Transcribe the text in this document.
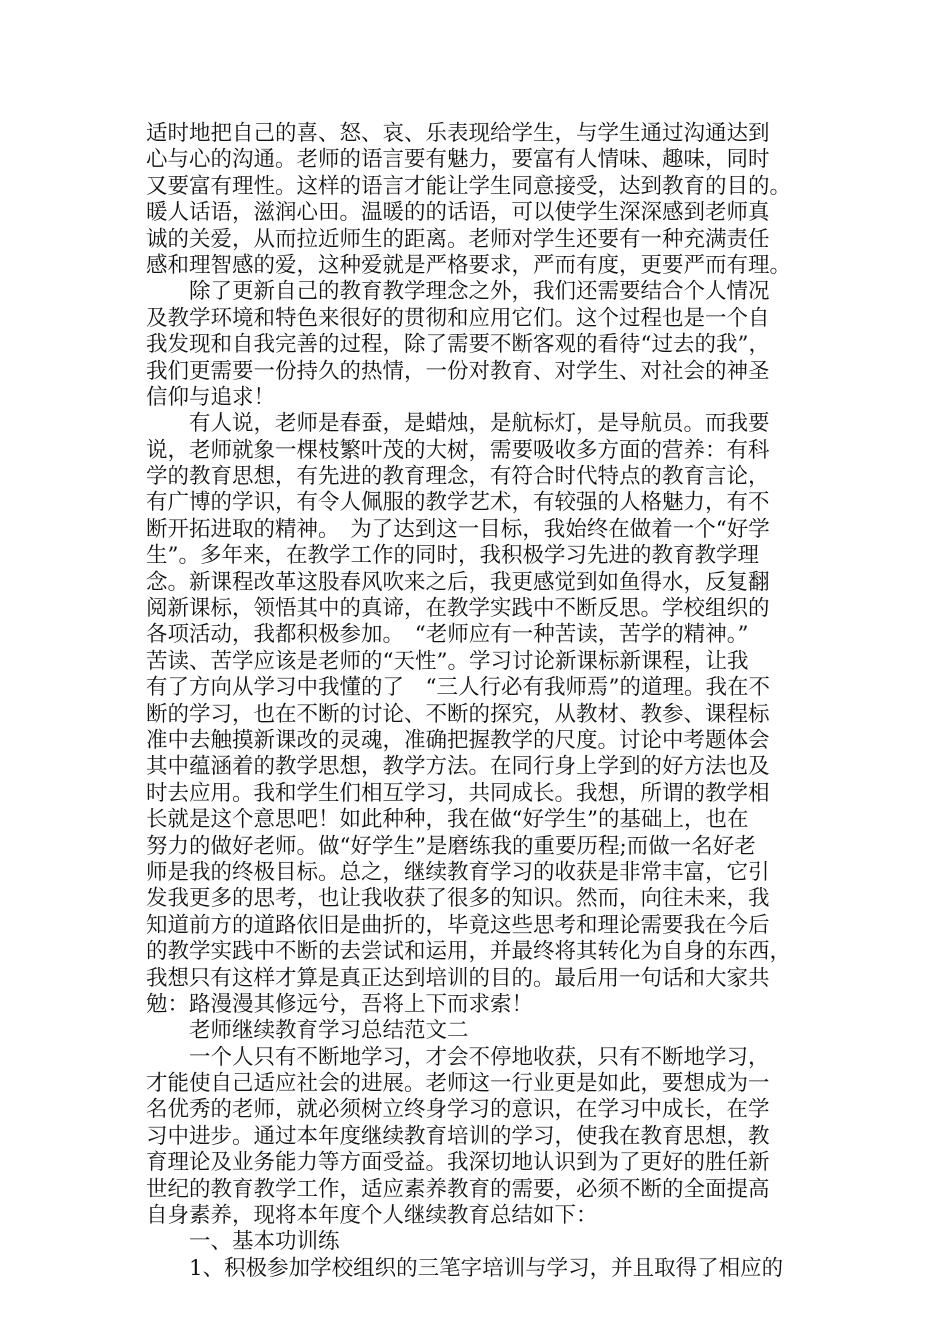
适时地把自己的喜、怒、哀、乐表现给学生，与学生通过沟通达到
心与心的沟通。老师的语言要有魅力，要富有人情味、趣味，同时
又要富有理性。这样的语言才能让学生同意接受，达到教育的目的。
暖人话语，滋润心田。温暖的的话语，可以使学生深深感到老师真
诚的关爱，从而拉近师生的距离。老师对学生还要有一种充满责任
感和理智感的爱，这种爱就是严格要求，严而有度，更要严而有理。
　　除了更新自己的教育教学理念之外，我们还需要结合个人情况
及教学环境和特色来很好的贯彻和应用它们。这个过程也是一个自
我发现和自我完善的过程，除了需要不断客观的看待“过去的我”，
我们更需要一份持久的热情，一份对教育、对学生、对社会的神圣
信仰与追求！
　　有人说，老师是春蚕，是蜡烛，是航标灯，是导航员。而我要
说，老师就象一棵枝繁叶茂的大树，需要吸收多方面的营养：有科
学的教育思想，有先进的教育理念，有符合时代特点的教育言论，
有广博的学识，有令人佩服的教学艺术，有较强的人格魅力，有不
断开拓进取的精神。　为了达到这一目标，我始终在做着一个“好学
生”。多年来，在教学工作的同时，我积极学习先进的教育教学理
念。新课程改革这股春风吹来之后，我更感觉到如鱼得水，反复翻
阅新课标，领悟其中的真谛，在教学实践中不断反思。学校组织的
各项活动，我都积极参加。　“老师应有一种苦读，苦学的精神。”
苦读、苦学应该是老师的“天性”。学习讨论新课标新课程，让我
有了方向从学习中我懂的了　“三人行必有我师焉”的道理。我在不
断的学习，也在不断的讨论、不断的探究，从教材、教参、课程标
准中去触摸新课改的灵魂，准确把握教学的尺度。讨论中考题体会
其中蕴涵着的教学思想，教学方法。在同行身上学到的好方法也及
时去应用。我和学生们相互学习，共同成长。我想，所谓的教学相
长就是这个意思吧！如此种种，我在做“好学生”的基础上，也在
努力的做好老师。做“好学生”是磨练我的重要历程;而做一名好老
师是我的终极目标。总之，继续教育学习的收获是非常丰富，它引
发我更多的思考，也让我收获了很多的知识。然而，向往未来，我
知道前方的道路依旧是曲折的，毕竟这些思考和理论需要我在今后
的教学实践中不断的去尝试和运用，并最终将其转化为自身的东西，
我想只有这样才算是真正达到培训的目的。最后用一句话和大家共
勉：路漫漫其修远兮，吾将上下而求索！
　　老师继续教育学习总结范文二
　　一个人只有不断地学习，才会不停地收获，只有不断地学习，
才能使自己适应社会的进展。老师这一行业更是如此，要想成为一
名优秀的老师，就必须树立终身学习的意识，在学习中成长，在学
习中进步。通过本年度继续教育培训的学习，使我在教育思想，教
育理论及业务能力等方面受益。我深切地认识到为了更好的胜任新
世纪的教育教学工作，适应素养教育的需要，必须不断的全面提高
自身素养，现将本年度个人继续教育总结如下：
　　一、基本功训练
　　1、积极参加学校组织的三笔字培训与学习，并且取得了相应的
